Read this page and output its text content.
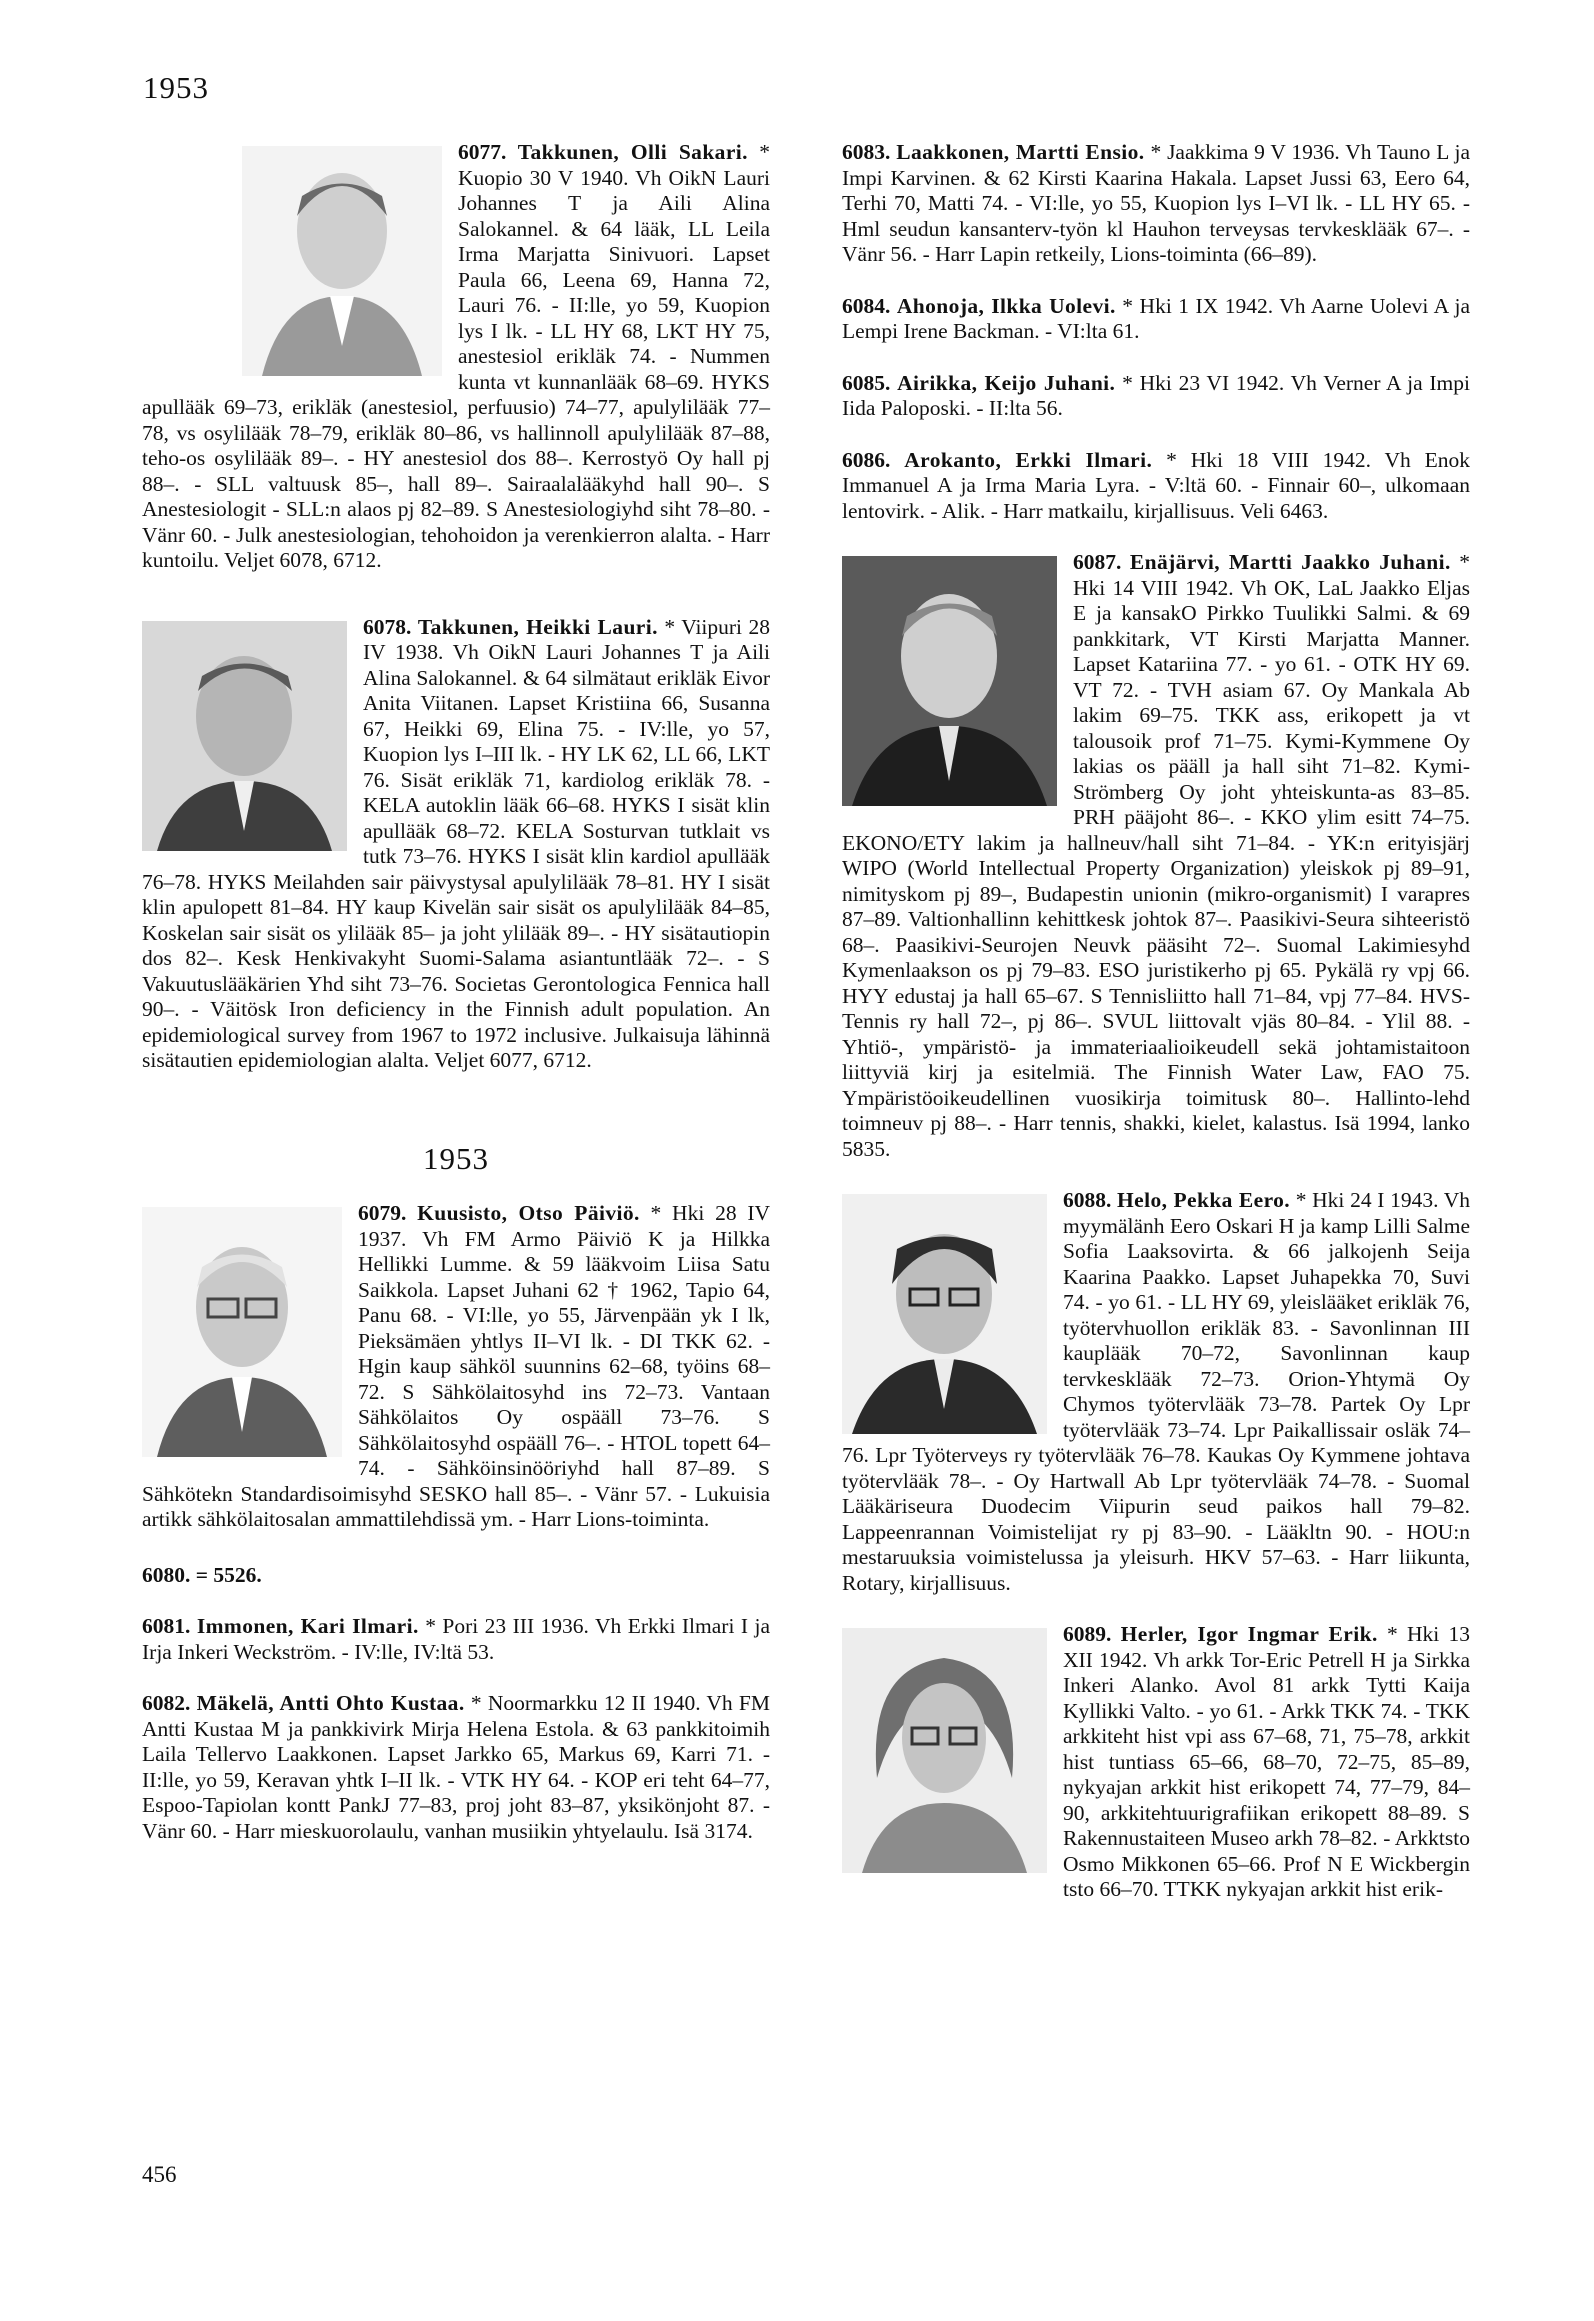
1953

6077. Takkunen, Olli Sakari. * Kuopio 30 V 1940. Vh OikN Lauri Johannes T ja Aili Alina Salokannel. & 64 lääk, LL Leila Irma Marjatta Sinivuori. Lapset Paula 66, Leena 69, Hanna 72, Lauri 76. - II:lle, yo 59, Kuopion lys I lk. - LL HY 68, LKT HY 75, anestesiol erikläk 74. - Nummen kunta vt kunnanlääk 68–69. HYKS apullääk 69–73, erikläk (anestesiol, perfuusio) 74–77, apulylilääk 77–78, vs osylilääk 78–79, erikläk 80–86, vs hallinnoll apulylilääk 87–88, teho-os osylilääk 89–. - HY anestesiol dos 88–. Kerrostyö Oy hall pj 88–. - SLL valtuusk 85–, hall 89–. Sairaalalääkyhd hall 90–. S Anestesiologit - SLL:n alaos pj 82–89. S Anestesiologiyhd siht 78–80. - Vänr 60. - Julk anestesiologian, tehohoidon ja verenkierron alalta. - Harr kuntoilu. Veljet 6078, 6712.

6078. Takkunen, Heikki Lauri. * Viipuri 28 IV 1938. Vh OikN Lauri Johannes T ja Aili Alina Salokannel. & 64 silmätaut erikläk Eivor Anita Viitanen. Lapset Kristiina 66, Susanna 67, Heikki 69, Elina 75. - IV:lle, yo 57, Kuopion lys I–III lk. - HY LK 62, LL 66, LKT 76. Sisät erikläk 71, kardiolog erikläk 78. - KELA autoklin lääk 66–68. HYKS I sisät klin apullääk 68–72. KELA Sosturvan tutklait vs tutk 73–76. HYKS I sisät klin kardiol apullääk 76–78. HYKS Meilahden sair päivystysal apulylilääk 78–81. HY I sisät klin apulopett 81–84. HY kaup Kivelän sair sisät os apulylilääk 84–85, Koskelan sair sisät os ylilääk 85– ja joht ylilääk 89–. - HY sisätautiopin dos 82–. Kesk Henkivakyht Suomi-Salama asiantuntlääk 72–. - S Vakuutuslääkärien Yhd siht 73–76. Societas Gerontologica Fennica hall 90–. - Väitösk Iron deficiency in the Finnish adult population. An epidemiological survey from 1967 to 1972 inclusive. Julkaisuja lähinnä sisätautien epidemiologian alalta. Veljet 6077, 6712.

1953

6079. Kuusisto, Otso Päiviö. * Hki 28 IV 1937. Vh FM Armo Päiviö K ja Hilkka Hellikki Lumme. & 59 lääkvoim Liisa Satu Saikkola. Lapset Juhani 62 † 1962, Tapio 64, Panu 68. - VI:lle, yo 55, Järvenpään yk I lk, Pieksämäen yhtlys II–VI lk. - DI TKK 62. - Hgin kaup sähköl suunnins 62–68, työins 68–72. S Sähkölaitosyhd ins 72–73. Vantaan Sähkölaitos Oy ospääll 73–76. S Sähkölaitosyhd ospääll 76–. - HTOL topett 64–74. - Sähköinsinööriyhd hall 87–89. S Sähkötekn Standardisoimisyhd SESKO hall 85–. - Vänr 57. - Lukuisia artikk sähkölaitosalan ammattilehdissä ym. - Harr Lions-toiminta.

6080. = 5526.

6081. Immonen, Kari Ilmari. * Pori 23 III 1936. Vh Erkki Ilmari I ja Irja Inkeri Weckström. - IV:lle, IV:ltä 53.

6082. Mäkelä, Antti Ohto Kustaa. * Noormarkku 12 II 1940. Vh FM Antti Kustaa M ja pankkivirk Mirja Helena Estola. & 63 pankkitoimih Laila Tellervo Laakkonen. Lapset Jarkko 65, Markus 69, Karri 71. - II:lle, yo 59, Keravan yhtk I–II lk. - VTK HY 64. - KOP eri teht 64–77, Espoo-Tapiolan kontt PankJ 77–83, proj joht 83–87, yksikönjoht 87. - Vänr 60. - Harr mieskuorolaulu, vanhan musiikin yhtyelaulu. Isä 3174.

6083. Laakkonen, Martti Ensio. * Jaakkima 9 V 1936. Vh Tauno L ja Impi Karvinen. & 62 Kirsti Kaarina Hakala. Lapset Jussi 63, Eero 64, Terhi 70, Matti 74. - VI:lle, yo 55, Kuopion lys I–VI lk. - LL HY 65. - Hml seudun kansanterv-työn kl Hauhon terveysas tervkesklääk 67–. - Vänr 56. - Harr Lapin retkeily, Lions-toiminta (66–89).

6084. Ahonoja, Ilkka Uolevi. * Hki 1 IX 1942. Vh Aarne Uolevi A ja Lempi Irene Backman. - VI:lta 61.

6085. Airikka, Keijo Juhani. * Hki 23 VI 1942. Vh Verner A ja Impi Iida Paloposki. - II:lta 56.

6086. Arokanto, Erkki Ilmari. * Hki 18 VIII 1942. Vh Enok Immanuel A ja Irma Maria Lyra. - V:ltä 60. - Finnair 60–, ulkomaan lentovirk. - Alik. - Harr matkailu, kirjallisuus. Veli 6463.

6087. Enäjärvi, Martti Jaakko Juhani. * Hki 14 VIII 1942. Vh OK, LaL Jaakko Eljas E ja kansakO Pirkko Tuulikki Salmi. & 69 pankkitark, VT Kirsti Marjatta Manner. Lapset Katariina 77. - yo 61. - OTK HY 69. VT 72. - TVH asiam 67. Oy Mankala Ab lakim 69–75. TKK ass, erikopett ja vt talousoik prof 71–75. Kymi-Kymmene Oy lakias os pääll ja hall siht 71–82. Kymi-Strömberg Oy joht yhteiskunta-as 83–85. PRH pääjoht 86–. - KKO ylim esitt 74–75. EKONO/ETY lakim ja hallneuv/hall siht 71–84. - YK:n erityisjärj WIPO (World Intellectual Property Organization) yleiskok pj 89–91, nimityskom pj 89–, Budapestin unionin (mikro-organismit) I varapres 87–89. Valtionhallinn kehittkesk johtok 87–. Paasikivi-Seura sihteeristö 68–. Paasikivi-Seurojen Neuvk pääsiht 72–. Suomal Lakimiesyhd Kymenlaakson os pj 79–83. ESO juristikerho pj 65. Pykälä ry vpj 66. HYY edustaj ja hall 65–67. S Tennisliitto hall 71–84, vpj 77–84. HVS-Tennis ry hall 72–, pj 86–. SVUL liittovalt vjäs 80–84. - Ylil 88. - Yhtiö-, ympäristö- ja immateriaalioikeudell sekä johtamistaitoon liittyviä kirj ja esitelmiä. The Finnish Water Law, FAO 75. Ympäristöoikeudellinen vuosikirja toimitusk 80–. Hallinto-lehd toimneuv pj 88–. - Harr tennis, shakki, kielet, kalastus. Isä 1994, lanko 5835.

6088. Helo, Pekka Eero. * Hki 24 I 1943. Vh myymälänh Eero Oskari H ja kamp Lilli Salme Sofia Laaksovirta. & 66 jalkojenh Seija Kaarina Paakko. Lapset Juhapekka 70, Suvi 74. - yo 61. - LL HY 69, yleislääket erikläk 76, työtervhuollon erikläk 83. - Savonlinnan III kauplääk 70–72, Savonlinnan kaup tervkesklääk 72–73. Orion-Yhtymä Oy Chymos työtervlääk 73–78. Partek Oy Lpr työtervlääk 73–74. Lpr Paikallissair osläk 74–76. Lpr Työterveys ry työtervlääk 76–78. Kaukas Oy Kymmene johtava työtervlääk 78–. - Oy Hartwall Ab Lpr työtervlääk 74–78. - Suomal Lääkäriseura Duodecim Viipurin seud paikos hall 79–82. Lappeenrannan Voimistelijat ry pj 83–90. - Lääkltn 90. - HOU:n mestaruuksia voimistelussa ja yleisurh. HKV 57–63. - Harr liikunta, Rotary, kirjallisuus.

6089. Herler, Igor Ingmar Erik. * Hki 13 XII 1942. Vh arkk Tor-Eric Petrell H ja Sirkka Inkeri Alanko. Avol 81 arkk Tytti Kaija Kyllikki Valto. - yo 61. - Arkk TKK 74. - TKK arkkiteht hist vpi ass 67–68, 71, 75–78, arkkit hist tuntiass 65–66, 68–70, 72–75, 85–89, nykyajan arkkit hist erikopett 74, 77–79, 84–90, arkkitehtuurigrafiikan erikopett 88–89. S Rakennustaiteen Museo arkh 78–82. - Arkktsto Osmo Mikkonen 65–66. Prof N E Wickbergin tsto 66–70. TTKK nykyajan arkkit hist erik-

456
